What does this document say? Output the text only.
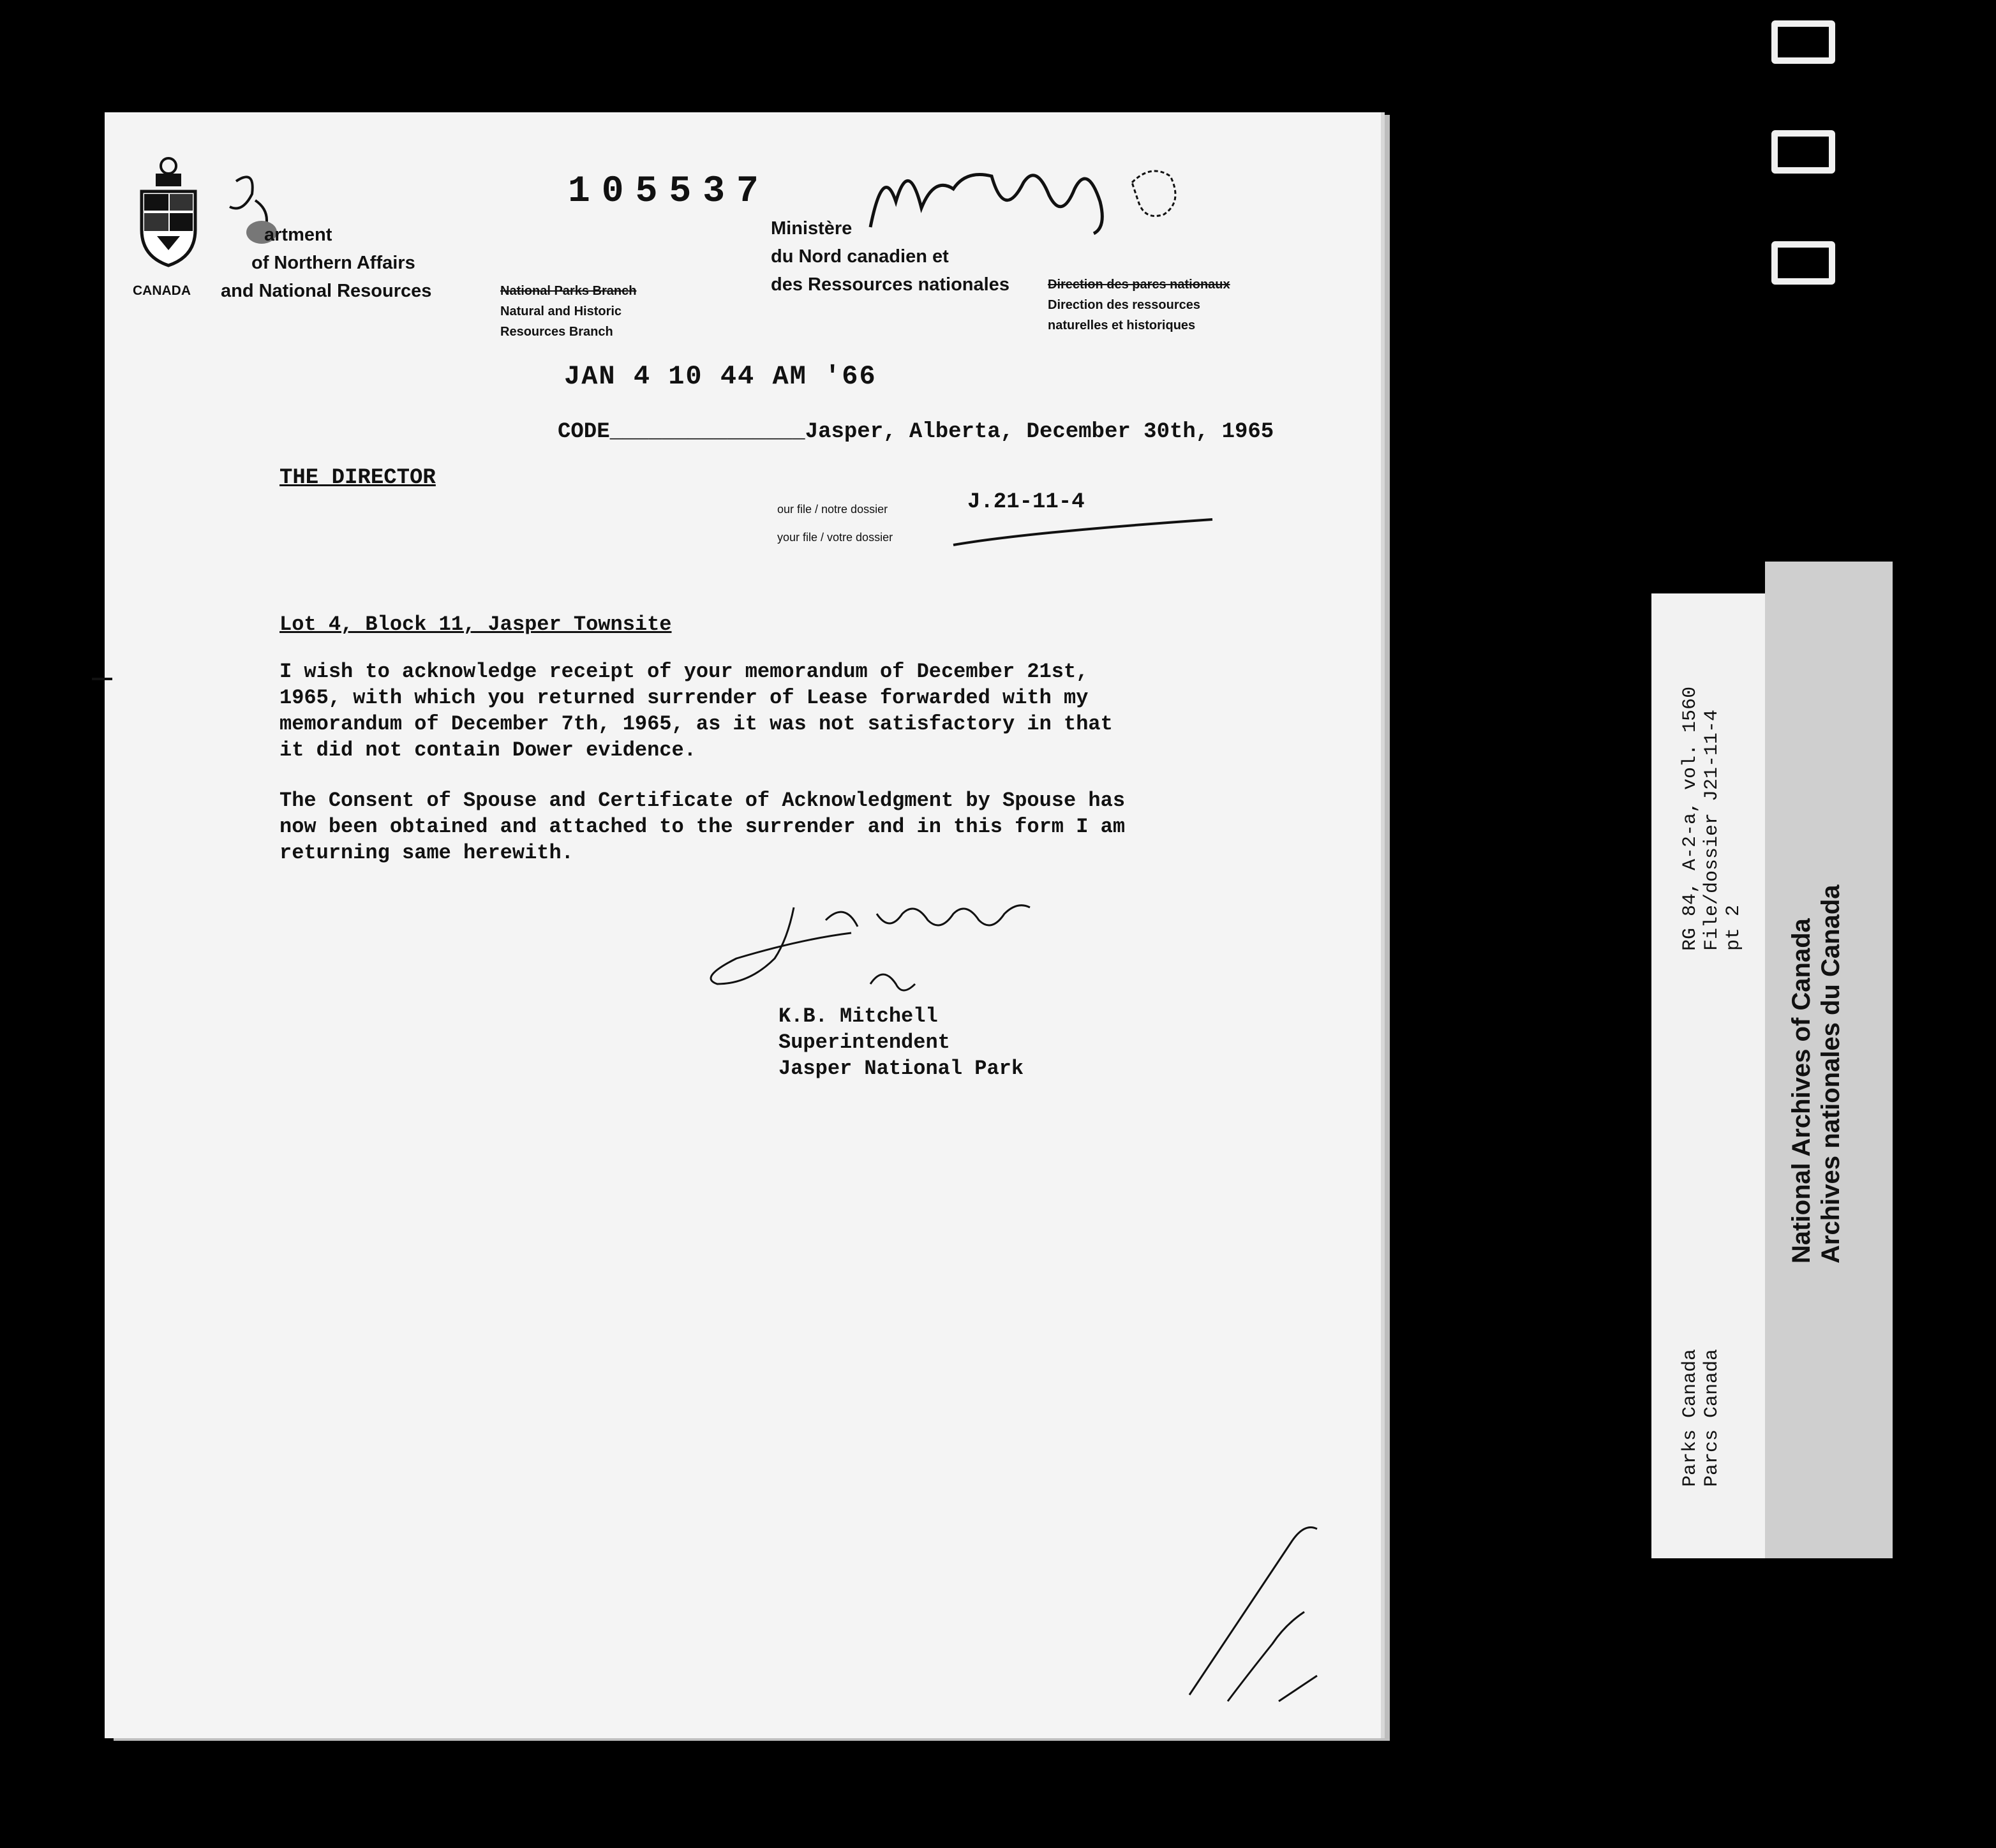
CANADA
artment
of Northern Affairs
and National Resources
Ministère
du Nord canadien et
des Ressources nationales
National Parks Branch
Natural and Historic
Resources Branch
Direction des parcs nationaux
Direction des ressources
naturelles et historiques
105537
JAN 4 10 44 AM '66
CODE_______________Jasper, Alberta, December 30th, 1965
THE DIRECTOR
our file / notre dossier
your file / votre dossier
J.21-11-4
Lot 4, Block 11, Jasper Townsite
I wish to acknowledge receipt of your memorandum of December 21st,
1965, with which you returned surrender of Lease forwarded with my
memorandum of December 7th, 1965, as it was not satisfactory in that
it did not contain Dower evidence.
The Consent of Spouse and Certificate of Acknowledgment by Spouse has
now been obtained and attached to the surrender and in this form I am
returning same herewith.
K.B. Mitchell
Superintendent
Jasper National Park
RG 84, A-2-a, vol. 1560 File/dossier J21-11-4 pt 2
Parks Canada Parcs Canada
National Archives of Canada Archives nationales du Canada
